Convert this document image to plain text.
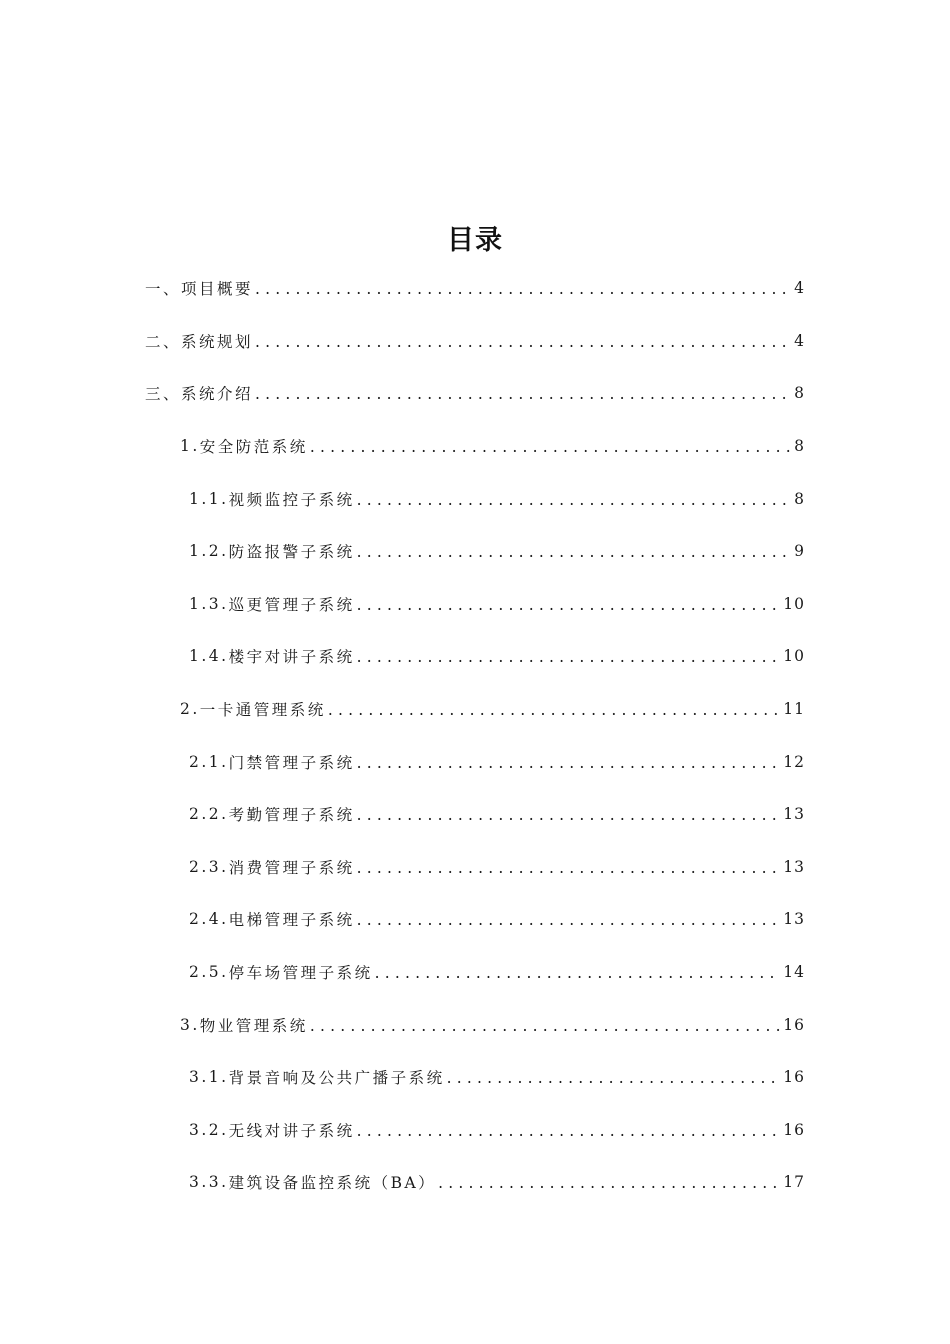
目录
一、 项目概要 .....	4
二、 系统规划 .....	4
三、 系统介绍 .....	8
1. 安全防范系统 .....	8
1.1. 视频监控子系统 .....	8
1.2. 防盗报警子系统 .....	9
1.3. 巡更管理子系统 .....	10
1.4. 楼宇对讲子系统 .....	10
2. 一卡通管理系统 .....	11
2.1. 门禁管理子系统 .....	12
2.2. 考勤管理子系统 .....	13
2.3. 消费管理子系统 .....	13
2.4. 电梯管理子系统 .....	13
2.5. 停车场管理子系统 .....	14
3. 物业管理系统 .....	16
3.1. 背景音响及公共广播子系统 .....	16
3.2. 无线对讲子系统 .....	16
3.3. 建筑设备监控系统（BA） .....	17
